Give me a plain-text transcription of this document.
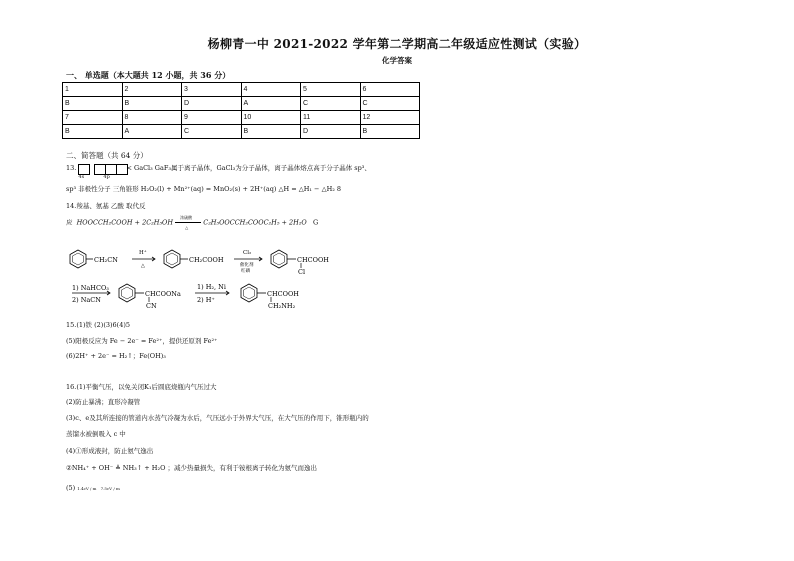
杨柳青一中 2021-2022 学年第二学期高二年级适应性测试（实验）
化学答案
一、 单选题（本大题共 12 小题，共 36 分）
1	2	3	4	5	6
B	B	D	A	C	C
7	8	9	10	11	12
B	A	C	B	D	B
二、简答题（共 64 分）
13.
4s	4p
< GaCl₃ GaF₃属于离子晶体，GaCl₃为分子晶体，离子晶体熔点高于分子晶体 sp³、
sp³ 非极性分子 三角锥形 H₂O₂(l) + Mn²⁺(aq) = MnO₂(s) + 2H⁺(aq) △H = △H₁ − △H₂ 8
14.羧基、氨基 乙酸 取代反
应 HOOCCH₂COOH + 2C₂H₅OH
浓硫酸
△
C₂H₅OOCCH₂COOC₂H₅ + 2H₂O G
CH₂CN
H⁺
△
CH₂COOH
Cl₂
催化剂
红磷
CHCOOH
Cl
1) NaHCO₃
2) NaCN
CHCOONa
CN
1) H₂, Ni
2) H⁺
CHCOOH
CH₂NH₂
15.(1)铁 (2)(3)6(4)5
(5)阳极反应为 Fe − 2e⁻ = Fe²⁺，提供还原剂 Fe²⁺
(6)2H⁺ + 2e⁻ = H₂↑；Fe(OH)₃
16.(1)平衡气压，以免关闭K₁后圆底烧瓶内气压过大
(2)防止暴沸；直形冷凝管
(3)c、e及其所连接的管道内水蒸气冷凝为水后，气压远小于外界大气压，在大气压的作用下，锥形瓶内的
蒸馏水被倒吸入 c 中
(4)①形成液封，防止氨气逸出
②NH₄⁺ + OH⁻ ≜ NH₃↑ + H₂O ；减少热量损失，有利于铵根离子转化为氨气而逸出
(5) 1.4cV / m 7.5cV / m
